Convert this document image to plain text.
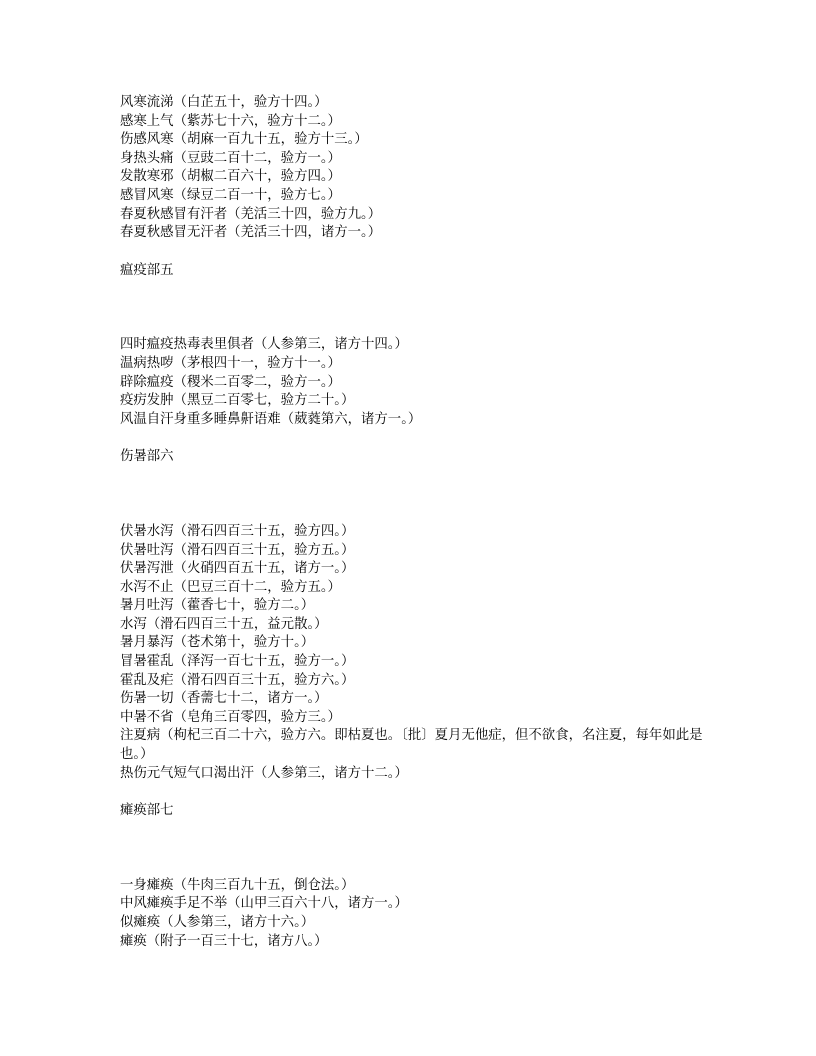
风寒流涕（白芷五十，验方十四。）

感寒上气（紫苏七十六，验方十二。）

伤感风寒（胡麻一百九十五，验方十三。）

身热头痛（豆豉二百十二，验方一。）

发散寒邪（胡椒二百六十，验方四。）

感冒风寒（绿豆二百一十，验方七。）

春夏秋感冒有汗者（羌活三十四，验方九。）

春夏秋感冒无汗者（羌活三十四，诸方一。）

瘟疫部五

四时瘟疫热毒表里俱者（人参第三，诸方十四。）

温病热哕（茅根四十一，验方十一。）

辟除瘟疫（稷米二百零二，验方一。）

疫疠发肿（黑豆二百零七，验方二十。）

风温自汗身重多睡鼻鼾语难（葳蕤第六，诸方一。）

伤暑部六

伏暑水泻（滑石四百三十五，验方四。）

伏暑吐泻（滑石四百三十五，验方五。）

伏暑泻泄（火硝四百五十五，诸方一。）

水泻不止（巴豆三百十二，验方五。）

暑月吐泻（藿香七十，验方二。）

水泻（滑石四百三十五，益元散。）

暑月暴泻（苍术第十，验方十。）

冒暑霍乱（泽泻一百七十五，验方一。）

霍乱及疟（滑石四百三十五，验方六。）

伤暑一切（香薷七十二，诸方一。）

中暑不省（皂角三百零四，验方三。）

注夏病（枸杞三百二十六，验方六。即枯夏也。〔批〕夏月无他症，但不欲食，名注夏，每年如此是也。）

热伤元气短气口渴出汗（人参第三，诸方十二。）

瘫痪部七

一身瘫痪（牛肉三百九十五，倒仓法。）

中风瘫痪手足不举（山甲三百六十八，诸方一。）

似瘫痪（人参第三，诸方十六。）

瘫痪（附子一百三十七，诸方八。）
